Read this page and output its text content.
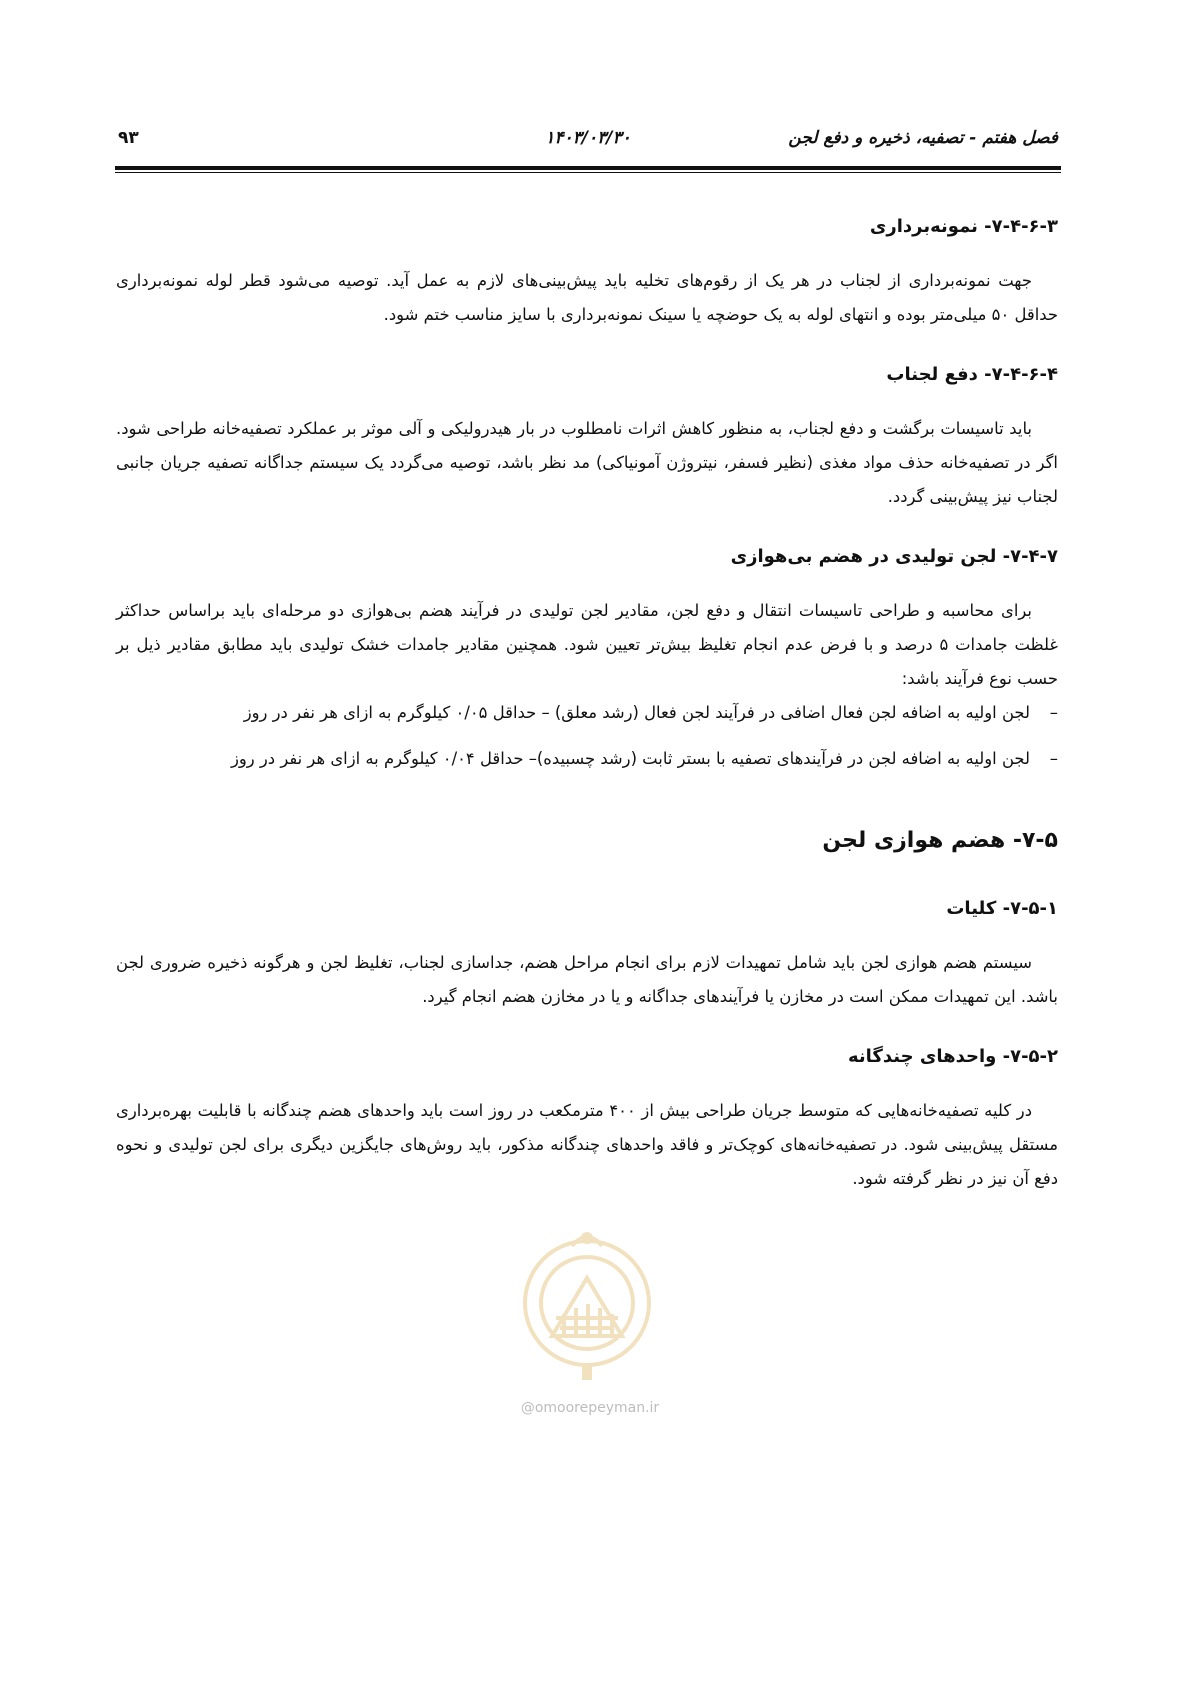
فصل هفتم - تصفیه، ذخیره و دفع لجن
۱۴۰۳/۰۳/۳۰
۹۳
۷-۴-۶-۳- نمونه‌برداری

جهت نمونه‌برداری از لجناب در هر یک از رقوم‌های تخلیه باید پیش‌بینی‌های لازم به عمل آید. توصیه می‌شود قطر لوله نمونه‌برداری حداقل ۵۰ میلی‌متر بوده و انتهای لوله به یک حوضچه یا سینک نمونه‌برداری با سایز مناسب ختم شود.

۷-۴-۶-۴- دفع لجناب

باید تاسیسات برگشت و دفع لجناب، به منظور کاهش اثرات نامطلوب در بار هیدرولیکی و آلی موثر بر عملکرد تصفیه‌خانه طراحی شود. اگر در تصفیه‌خانه حذف مواد مغذی (نظیر فسفر، نیتروژن آمونیاکی) مد نظر باشد، توصیه می‌گردد یک سیستم جداگانه تصفیه جریان جانبی لجناب نیز پیش‌بینی گردد.

۷-۴-۷- لجن تولیدی در هضم بی‌هوازی

برای محاسبه و طراحی تاسیسات انتقال و دفع لجن، مقادیر لجن تولیدی در فرآیند هضم بی‌هوازی دو مرحله‌ای باید براساس حداکثر غلظت جامدات ۵ درصد و با فرض عدم انجام تغلیظ بیش‌تر تعیین شود. همچنین مقادیر جامدات خشک تولیدی باید مطابق مقادیر ذیل بر حسب نوع فرآیند باشد:

–
لجن اولیه به اضافه لجن فعال اضافی در فرآیند لجن فعال (رشد معلق) – حداقل ۰/۰۵ کیلوگرم به ازای هر نفر در روز
–
لجن اولیه به اضافه لجن در فرآیندهای تصفیه با بستر ثابت (رشد چسبیده)– حداقل ۰/۰۴ کیلوگرم به ازای هر نفر در روز
۷-۵- هضم هوازی لجن
۷-۵-۱- کلیات

سیستم هضم هوازی لجن باید شامل تمهیدات لازم برای انجام مراحل هضم، جداسازی لجناب، تغلیظ لجن و هرگونه ذخیره ضروری لجن باشد. این تمهیدات ممکن است در مخازن یا فرآیندهای جداگانه و یا در مخازن هضم انجام گیرد.

۷-۵-۲- واحدهای چندگانه

در کلیه تصفیه‌خانه‌هایی که متوسط جریان طراحی بیش از ۴۰۰ مترمکعب در روز است باید واحدهای هضم چندگانه با قابلیت بهره‌برداری مستقل پیش‌بینی شود. در تصفیه‌خانه‌های کوچک‌تر و فاقد واحدهای چندگانه مذکور، باید روش‌های جایگزین دیگری برای لجن تولیدی و نحوه دفع آن نیز در نظر گرفته شود.

@omoorepeyman.ir
